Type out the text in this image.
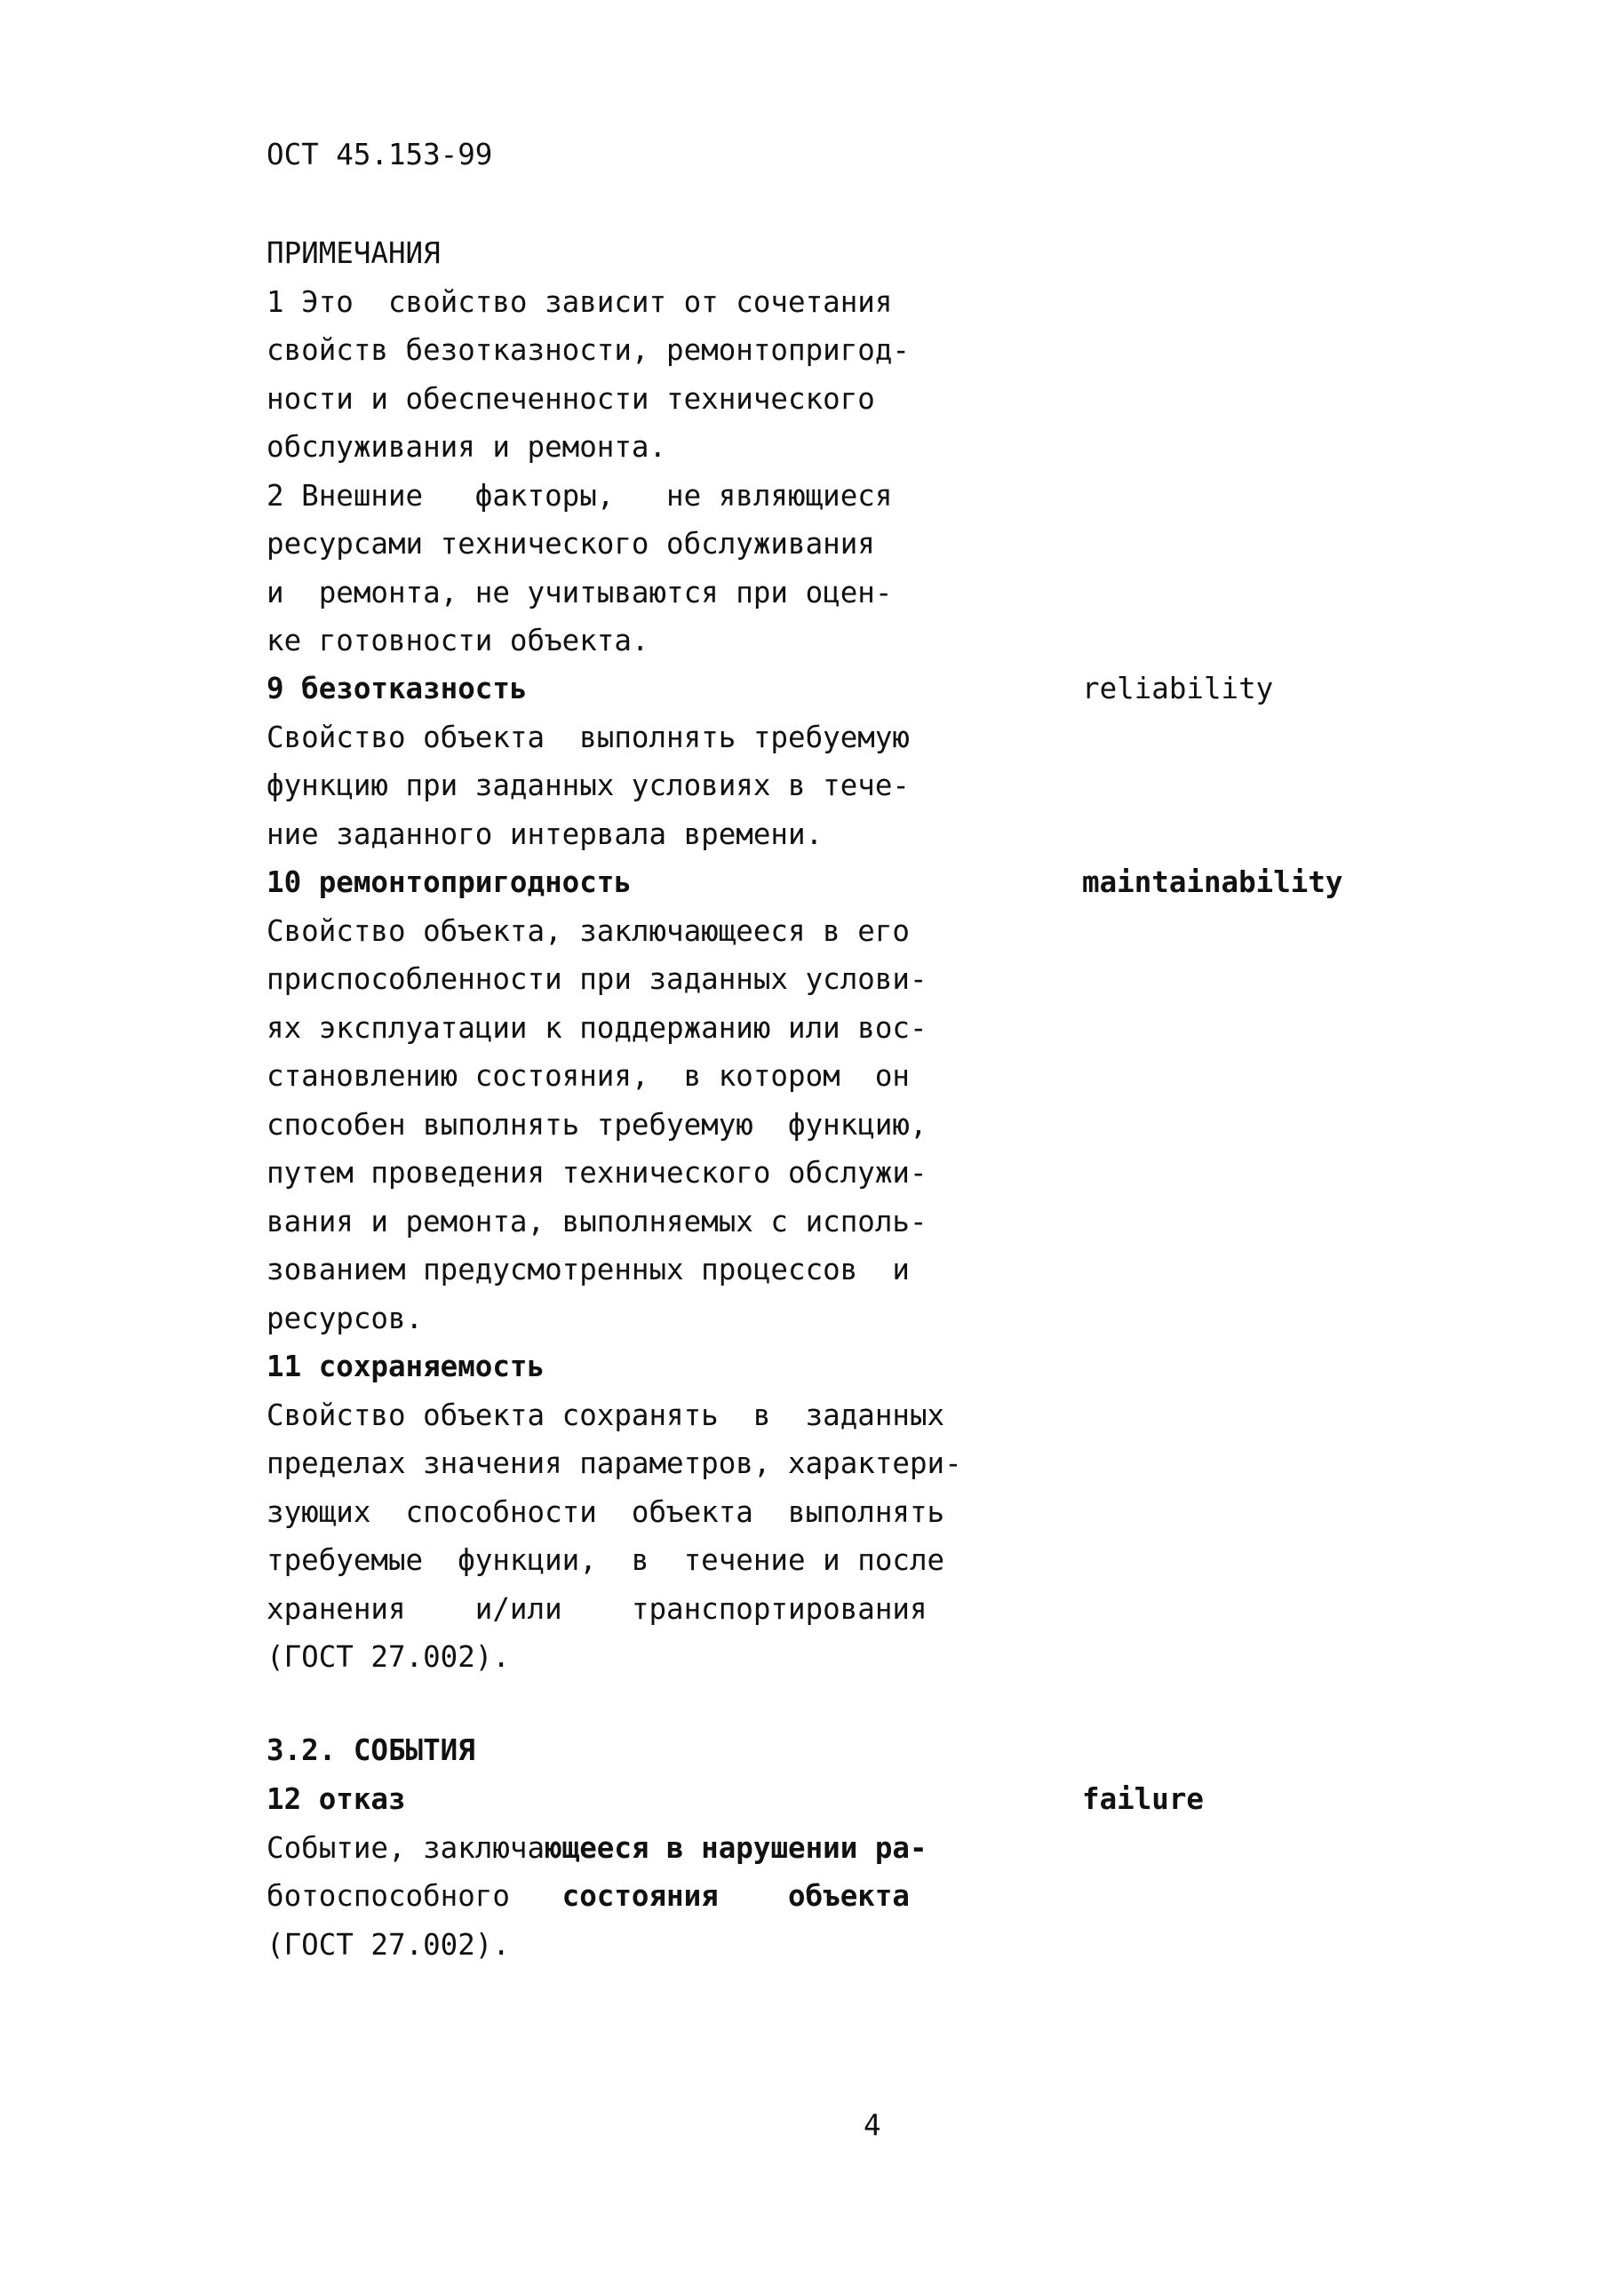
ОСТ 45.153-99
ПРИМЕЧАНИЯ
1 Это  свойство зависит от сочетания
свойств безотказности, ремонтопригод-
ности и обеспеченности технического
обслуживания и ремонта.
2 Внешние   факторы,   не являющиеся
ресурсами технического обслуживания
и  ремонта, не учитываются при оцен-
ке готовности объекта.
9 безотказность
Свойство объекта  выполнять требуемую
функцию при заданных условиях в тече-
ние заданного интервала времени.
reliability
10 ремонтопригодность
Свойство объекта, заключающееся в его
приспособленности при заданных услови-
ях эксплуатации к поддержанию или вос-
становлению состояния,  в котором  он
способен выполнять требуемую  функцию,
путем проведения технического обслужи-
вания и ремонта, выполняемых с исполь-
зованием предусмотренных процессов  и
ресурсов.
maintainability
11 сохраняемость
Свойство объекта сохранять  в  заданных
пределах значения параметров, характери-
зующих  способности  объекта  выполнять
требуемые  функции,  в  течение и после
хранения    и/или    транспортирования
(ГОСТ 27.002).
3.2. СОБЫТИЯ
12 отказ
Событие, заключающееся в нарушении ра-
ботоспособного   состояния    объекта
(ГОСТ 27.002).
failure
4
